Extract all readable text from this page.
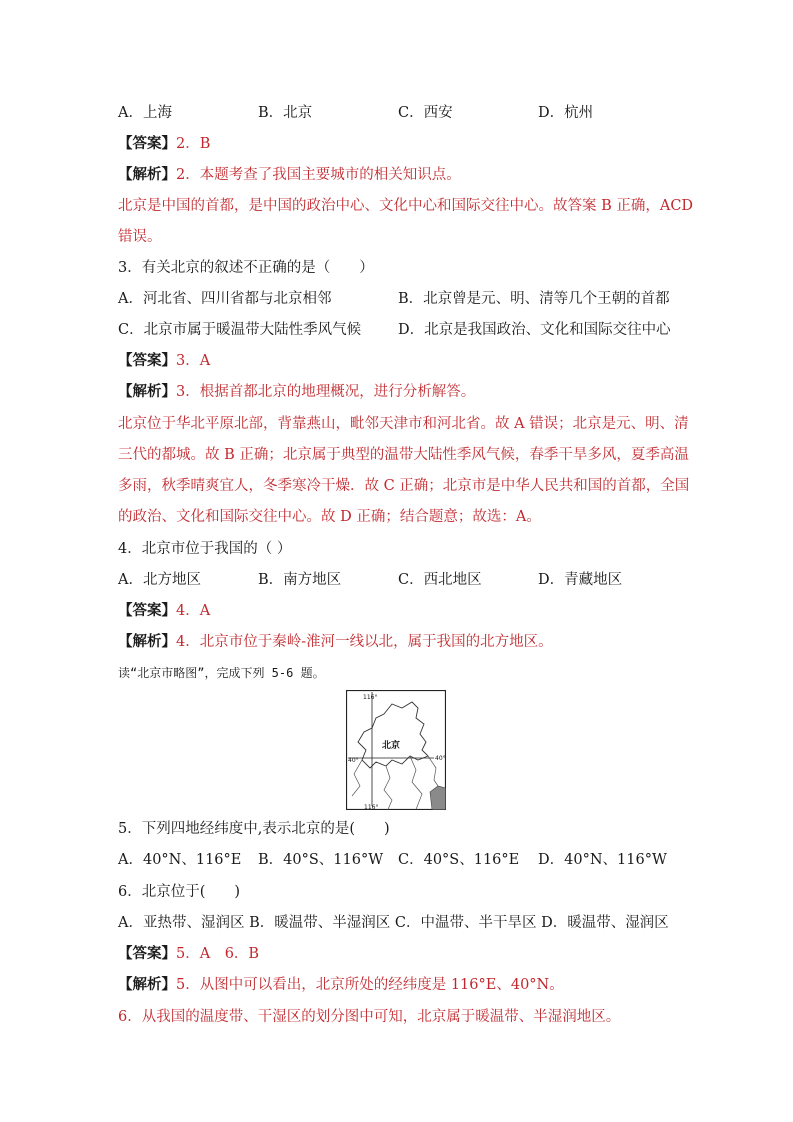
A．上海	B．北京	C．西安	D．杭州
【答案】2．B
【解析】2．本题考查了我国主要城市的相关知识点。
北京是中国的首都，是中国的政治中心、文化中心和国际交往中心。故答案 B 正确，ACD
错误。
3．有关北京的叙述不正确的是（　　）
A．河北省、四川省都与北京相邻	B．北京曾是元、明、清等几个王朝的首都
C．北京市属于暖温带大陆性季风气候	D．北京是我国政治、文化和国际交往中心
【答案】3．A
【解析】3．根据首都北京的地理概况，进行分析解答。
北京位于华北平原北部，背靠燕山，毗邻天津市和河北省。故 A 错误；北京是元、明、清
三代的都城。故 B 正确；北京属于典型的温带大陆性季风气候，春季干旱多风，夏季高温
多雨，秋季晴爽宜人，冬季寒冷干燥．故 C 正确；北京市是中华人民共和国的首都，全国
的政治、文化和国际交往中心。故 D 正确；结合题意；故选：A。
4．北京市位于我国的（ ）
A．北方地区	B．南方地区	C．西北地区	D．青藏地区
【答案】4．A
【解析】4．北京市位于秦岭-淮河一线以北，属于我国的北方地区。
读“北京市略图”，完成下列 5-6 题。
北京
116°
116°
40°	40°
5．下列四地经纬度中,表示北京的是(　　)
A．40°N、116°E B．40°S、116°W C．40°S、116°E D．40°N、116°W
6．北京位于(　　)
A．亚热带、湿润区 B．暖温带、半湿润区 C．中温带、半干旱区 D．暖温带、湿润区
【答案】5．A　6．B
【解析】5．从图中可以看出，北京所处的经纬度是 116°E、40°N。
6．从我国的温度带、干湿区的划分图中可知，北京属于暖温带、半湿润地区。
